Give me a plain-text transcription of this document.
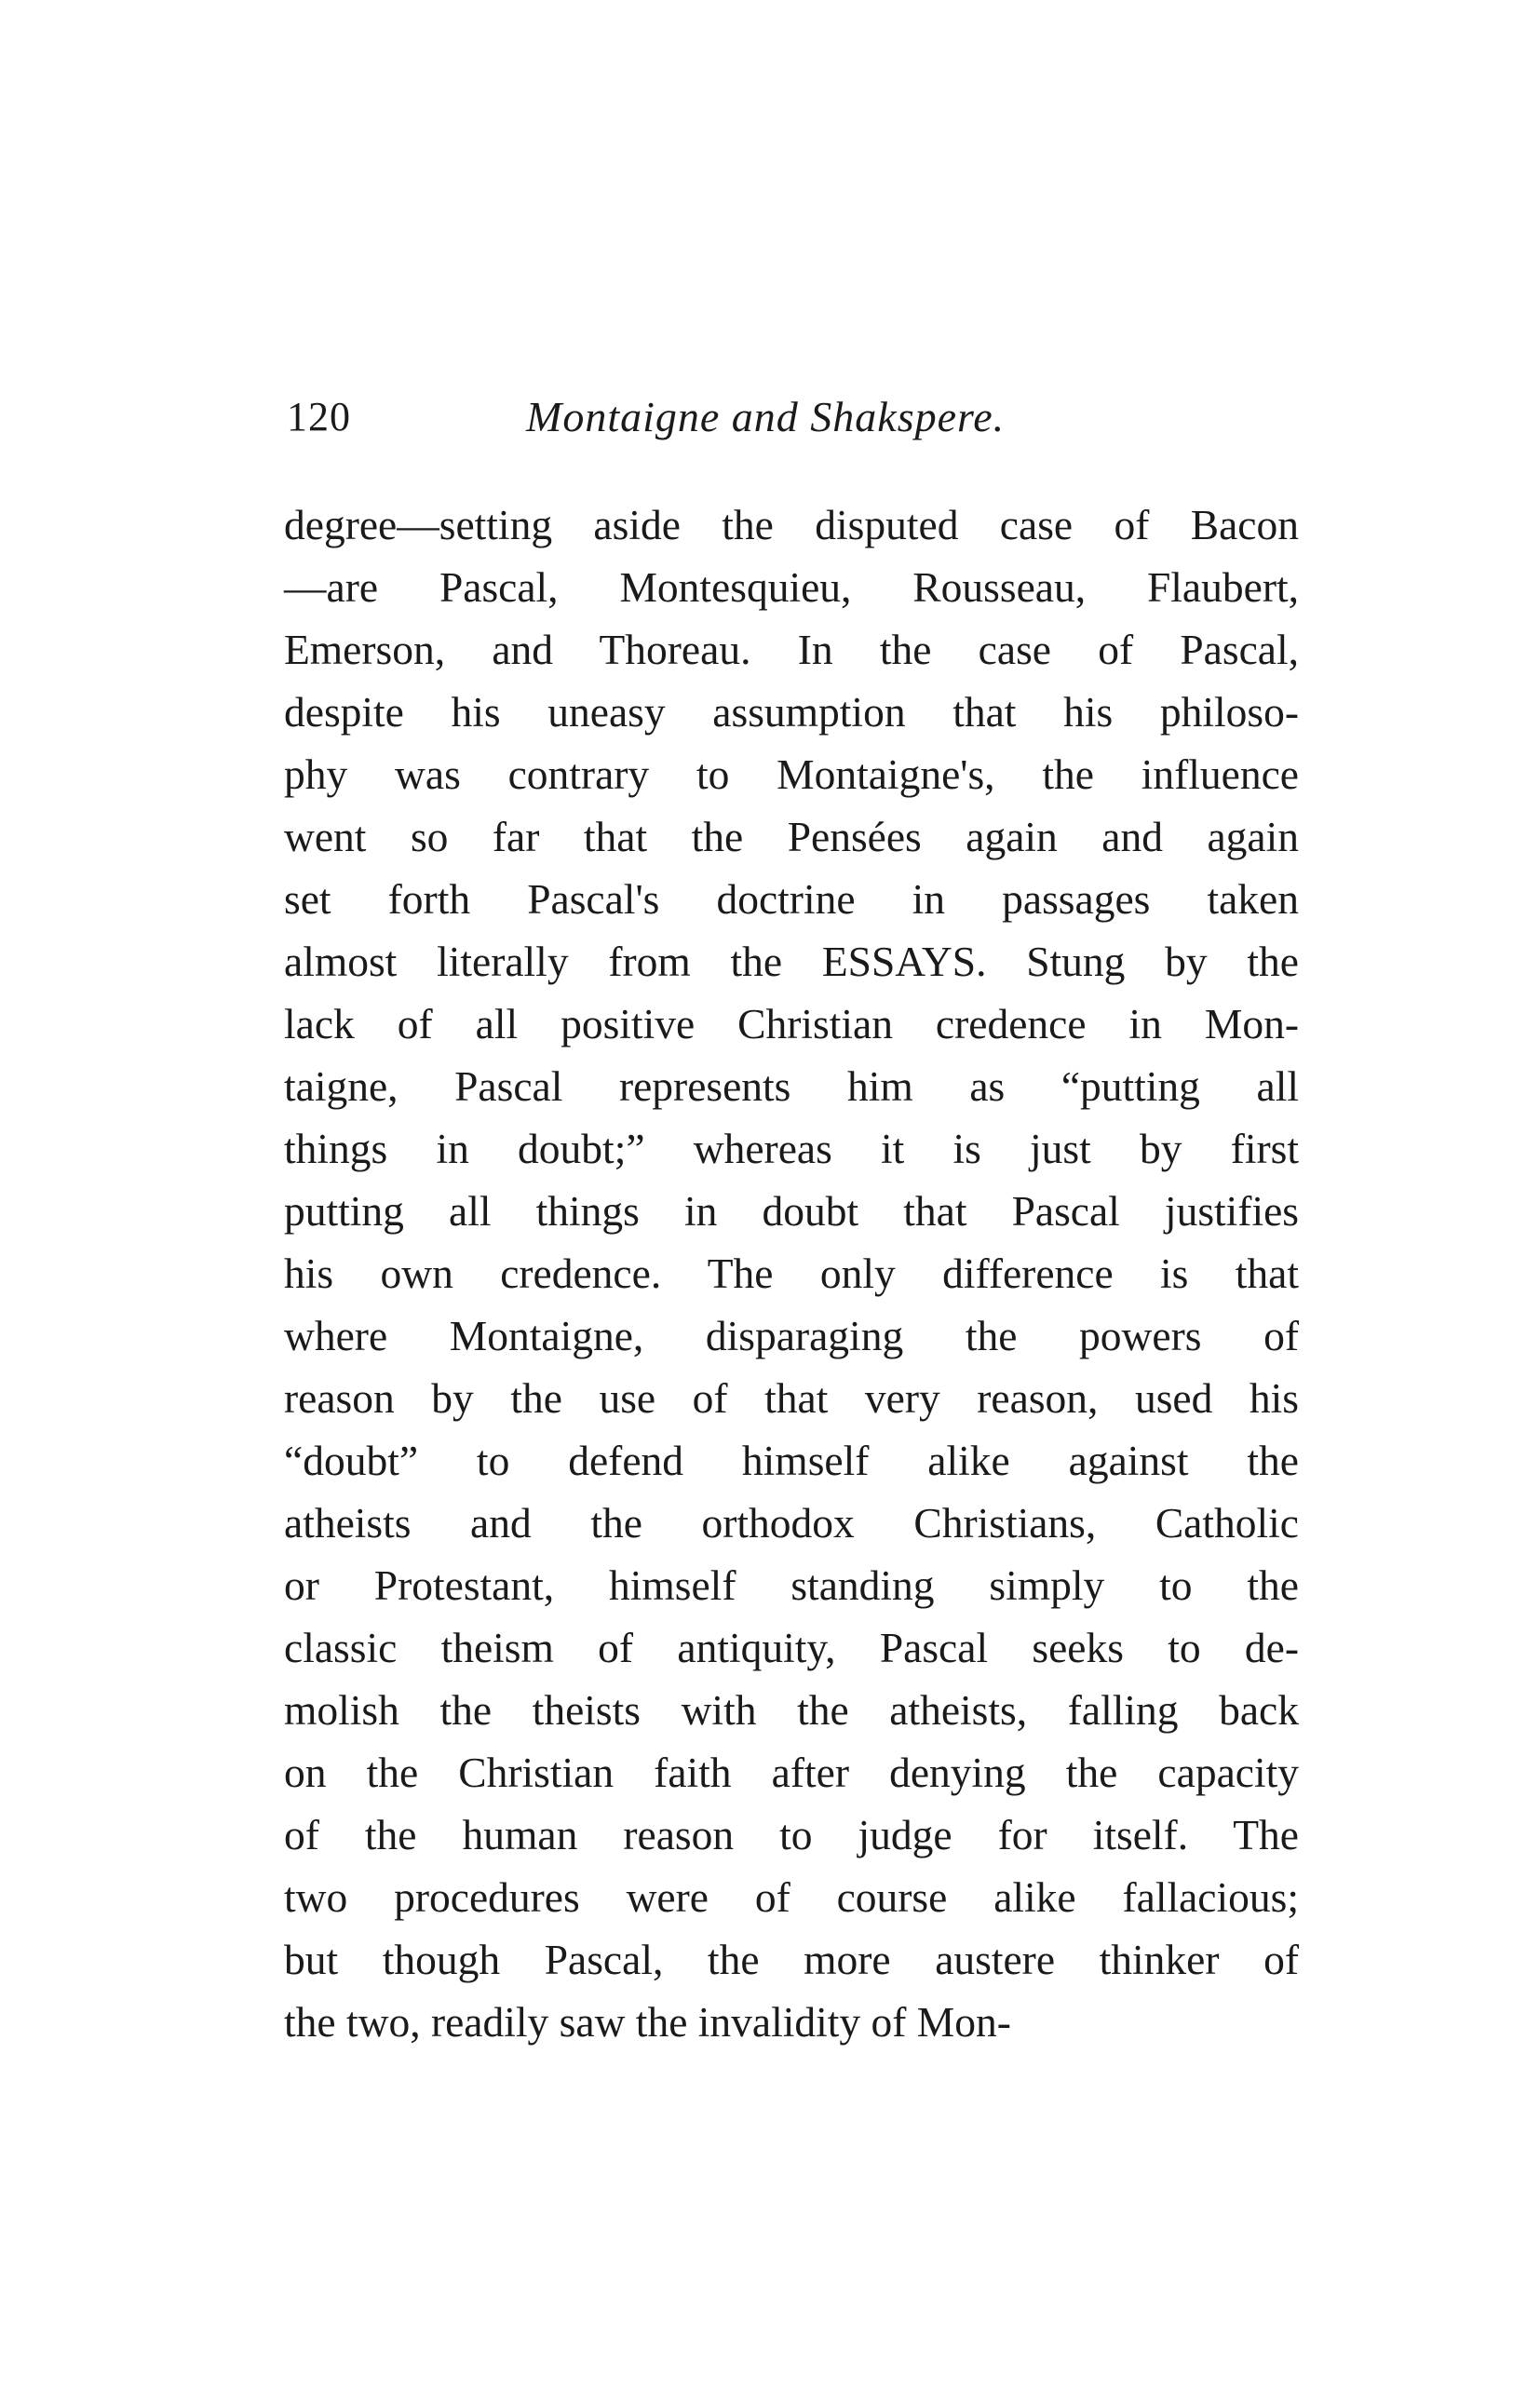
120	Montaigne and Shakspere.
degree—setting aside the disputed case of Bacon
—are Pascal, Montesquieu, Rousseau, Flaubert,
Emerson, and Thoreau. In the case of Pascal,
despite his uneasy assumption that his philoso-
phy was contrary to Montaigne's, the influence
went so far that the Pensées again and again
set forth Pascal's doctrine in passages taken
almost literally from the ESSAYS. Stung by the
lack of all positive Christian credence in Mon-
taigne, Pascal represents him as “putting all
things in doubt;” whereas it is just by first
putting all things in doubt that Pascal justifies
his own credence. The only difference is that
where Montaigne, disparaging the powers of
reason by the use of that very reason, used his
“doubt” to defend himself alike against the
atheists and the orthodox Christians, Catholic
or Protestant, himself standing simply to the
classic theism of antiquity, Pascal seeks to de-
molish the theists with the atheists, falling back
on the Christian faith after denying the capacity
of the human reason to judge for itself. The
two procedures were of course alike fallacious;
but though Pascal, the more austere thinker of
the two, readily saw the invalidity of Mon-
